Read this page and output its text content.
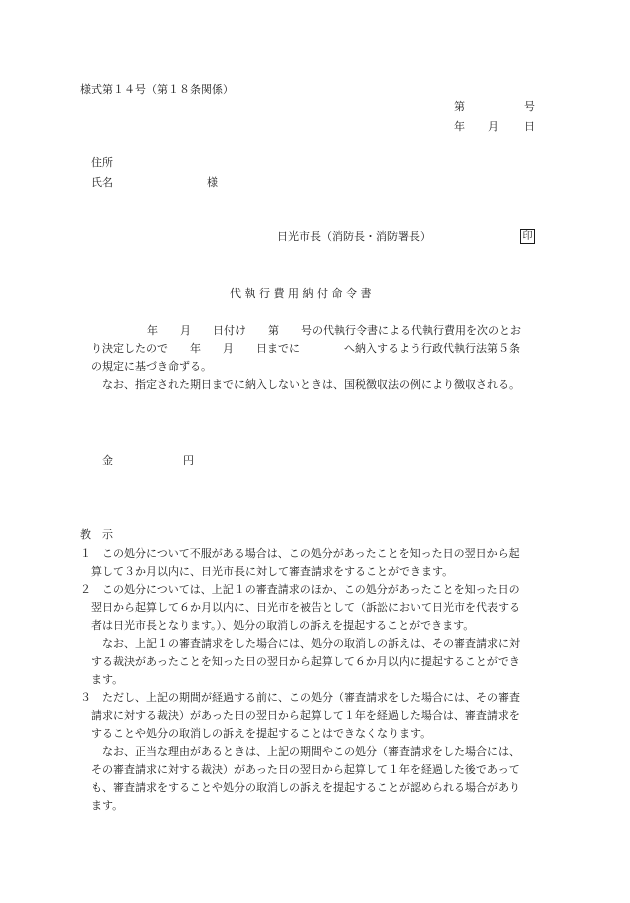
様式第１４号（第１８条関係）
第	号
年 月 日
住所
氏名	様
日光市長（消防長・消防署長）	印
代 執 行 費 用 納 付 命 令 書
年　　月　　日付け　　第　　号の代執行令書による代執行費用を次のとお
り決定したので　　年　　月　　日までに　　　　へ納入するよう行政代執行法第５条
の規定に基づき命ずる。
なお、指定された期日までに納入しないときは、国税徴収法の例により徴収される。
金	円
教　示
１　この処分について不服がある場合は、この処分があったことを知った日の翌日から起
算して３か月以内に、日光市長に対して審査請求をすることができます。
２　この処分については、上記１の審査請求のほか、この処分があったことを知った日の
翌日から起算して６か月以内に、日光市を被告として（訴訟において日光市を代表する
者は日光市長となります。）、処分の取消しの訴えを提起することができます。
なお、上記１の審査請求をした場合には、処分の取消しの訴えは、その審査請求に対
する裁決があったことを知った日の翌日から起算して６か月以内に提起することができ
ます。
３　ただし、上記の期間が経過する前に、この処分（審査請求をした場合には、その審査
請求に対する裁決）があった日の翌日から起算して１年を経過した場合は、審査請求を
することや処分の取消しの訴えを提起することはできなくなります。
なお、正当な理由があるときは、上記の期間やこの処分（審査請求をした場合には、
その審査請求に対する裁決）があった日の翌日から起算して１年を経過した後であって
も、審査請求をすることや処分の取消しの訴えを提起することが認められる場合があり
ます。
